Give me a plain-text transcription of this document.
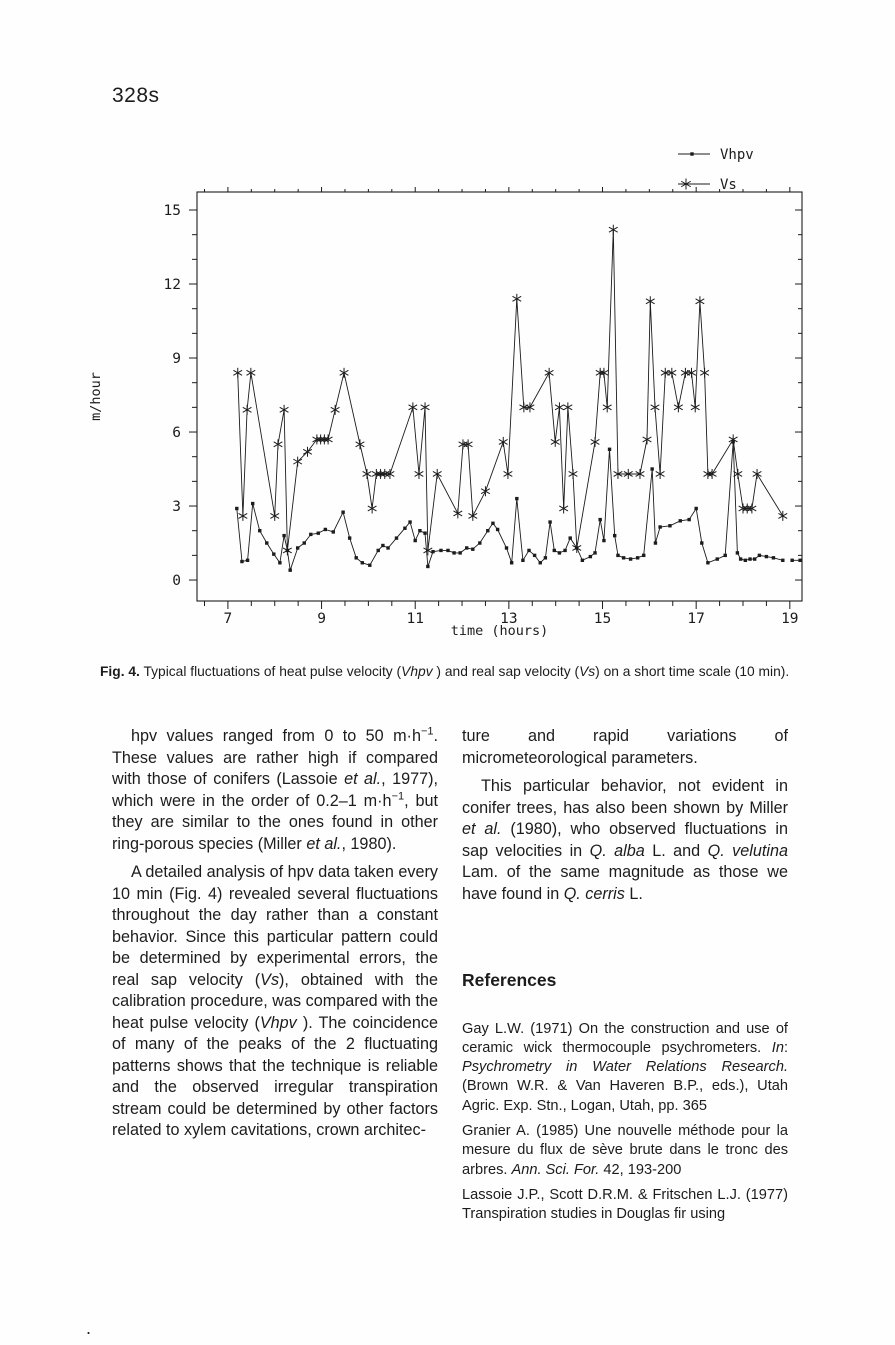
328s
7	9	11	13	15	17	19
0
3
6
9
12
15
time (hours)
m/hour
Vhpv
Vs
Fig. 4. Typical fluctuations of heat pulse velocity (Vhpv ) and real sap velocity (Vs) on a short time scale (10 min).

hpv values ranged from 0 to 50 $m\cdot h^{-1}$. These values are rather high if compared with those of conifers (Lassoie et al., 1977), which were in the order of 0.2–1 $m\cdot h^{-1}$, but they are similar to the ones found in other ring-porous species (Miller et al., 1980).

A detailed analysis of hpv data taken every 10 min (Fig. 4) revealed several fluctuations throughout the day rather than a constant behavior. Since this particular pattern could be determined by experimental errors, the real sap velocity (Vs), obtained with the calibration procedure, was compared with the heat pulse velocity (Vhpv ). The coincidence of many of the peaks of the 2 fluctuating patterns shows that the technique is reliable and the observed irregular transpiration stream could be determined by other factors related to xylem cavitations, crown architec-

ture and rapid variations of micrometeorological parameters.

This particular behavior, not evident in conifer trees, has also been shown by Miller et al. (1980), who observed fluctuations in sap velocities in Q. alba L. and Q. velutina Lam. of the same magnitude as those we have found in Q. cerris L.

References

Gay L.W. (1971) On the construction and use of ceramic wick thermocouple psychrometers. In: Psychrometry in Water Relations Research. (Brown W.R. & Van Haveren B.P., eds.), Utah Agric. Exp. Stn., Logan, Utah, pp. 365

Granier A. (1985) Une nouvelle méthode pour la mesure du flux de sève brute dans le tronc des arbres. Ann. Sci. For. 42, 193-200

Lassoie J.P., Scott D.R.M. & Fritschen L.J. (1977) Transpiration studies in Douglas fir using

.
